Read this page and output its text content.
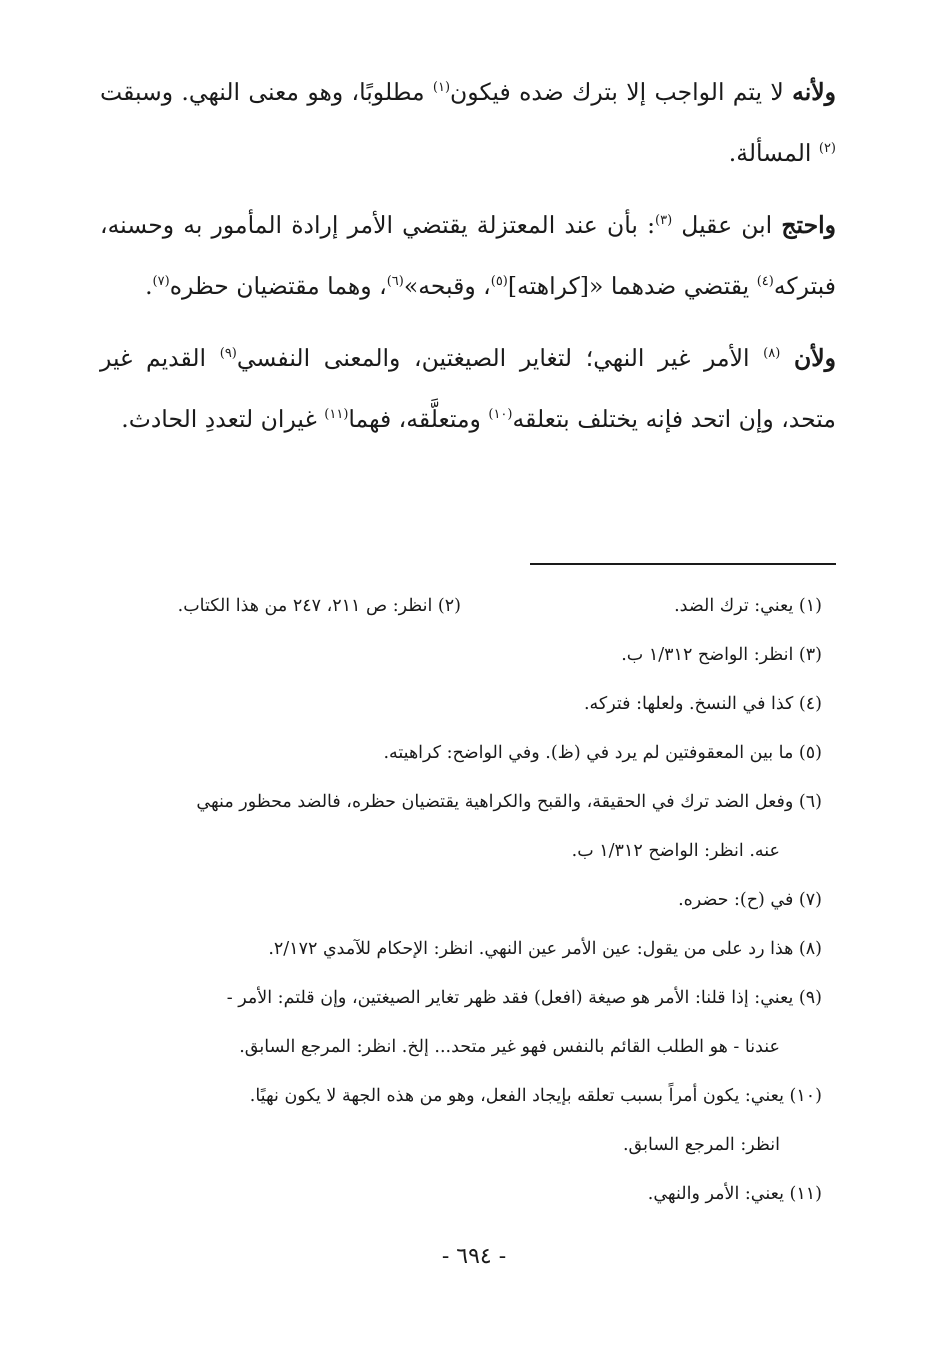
ولأنه لا يتم الواجب إلا بترك ضده فيكون$^{(١)}$ مطلوبًا، وهو معنى النهي. وسبقت $^{(٢)}$ المسألة.

واحتج ابن عقيل $^{(٣)}$: بأن عند المعتزلة يقتضي الأمر إرادة المأمور به وحسنه، فبتركه$^{(٤)}$ يقتضي ضدهما «[كراهته]$^{(٥)}$، وقبحه»$^{(٦)}$، وهما مقتضيان حظره$^{(٧)}$.

ولأن $^{(٨)}$ الأمر غير النهي؛ لتغاير الصيغتين، والمعنى النفسي$^{(٩)}$ القديم غير متحد، وإن اتحد فإنه يختلف بتعلقه$^{(١٠)}$ ومتعلَّقه، فهما$^{(١١)}$ غيران لتعددِ الحادث.

(١) يعني: ترك الضد.
(٢) انظر: ص ٢١١، ٢٤٧ من هذا الكتاب.

(٣) انظر: الواضح ١/٣١٢ ب.

(٤) كذا في النسخ. ولعلها: فتركه.

(٥) ما بين المعقوفتين لم يرد في (ظ). وفي الواضح: كراهيته.

(٦) وفعل الضد ترك في الحقيقة، والقبح والكراهية يقتضيان حظره، فالضد محظور منهي
عنه. انظر: الواضح ١/٣١٢ ب.

(٧) في (ح): حضره.

(٨) هذا رد على من يقول: عين الأمر عين النهي. انظر: الإحكام للآمدي ٢/١٧٢.

(٩) يعني: إذا قلنا: الأمر هو صيغة (افعل) فقد ظهر تغاير الصيغتين، وإن قلتم: الأمر -
عندنا - هو الطلب القائم بالنفس فهو غير متحد... إلخ. انظر: المرجع السابق.

(١٠) يعني: يكون أمراً بسبب تعلقه بإيجاد الفعل، وهو من هذه الجهة لا يكون نهيًا.
انظر: المرجع السابق.

(١١) يعني: الأمر والنهي.

- ٦٩٤ -
